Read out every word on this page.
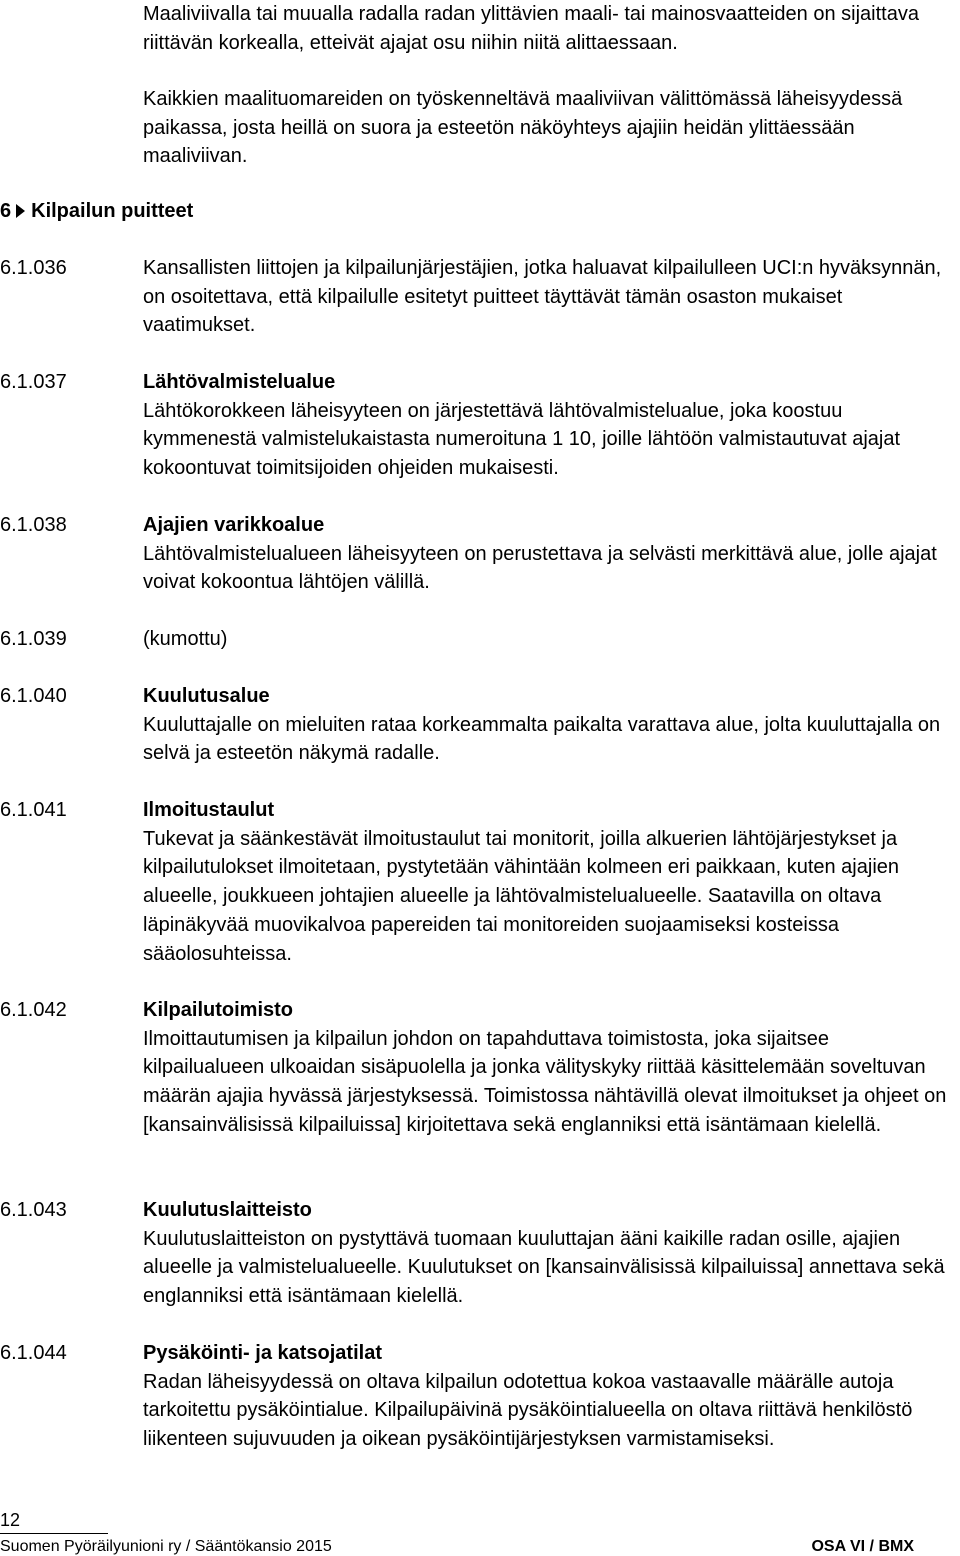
Maaliviivalla tai muualla radalla radan ylittävien maali- tai mainosvaatteiden on sijaittava riittävän korkealla, etteivät ajajat osu niihin niitä alittaessaan.

Kaikkien maalituomareiden on työskenneltävä maaliviivan välittömässä läheisyydessä paikassa, josta heillä on suora ja esteetön näköyhteys ajajiin heidän ylittäessään maaliviivan.

6 Kilpailun puitteet
6.1.036	Kansallisten liittojen ja kilpailunjärjestäjien, jotka haluavat kilpailulleen UCI:n hyväksynnän, on osoitettava, että kilpailulle esitetyt puitteet täyttävät tämän osaston mukaiset vaatimukset.

6.1.037	Lähtövalmistelualue

Lähtökorokkeen läheisyyteen on järjestettävä lähtövalmistelualue, joka koostuu kymmenestä valmistelukaistasta numeroituna 1 10, joille lähtöön valmistautuvat ajajat kokoontuvat toimitsijoiden ohjeiden mukaisesti.

6.1.038	Ajajien varikkoalue

Lähtövalmistelualueen läheisyyteen on perustettava ja selvästi merkittävä alue, jolle ajajat voivat kokoontua lähtöjen välillä.

6.1.039	(kumottu)

6.1.040	Kuulutusalue

Kuuluttajalle on mieluiten rataa korkeammalta paikalta varattava alue, jolta kuuluttajalla on selvä ja esteetön näkymä radalle.

6.1.041	Ilmoitustaulut

Tukevat ja säänkestävät ilmoitustaulut tai monitorit, joilla alkuerien lähtöjärjestykset ja kilpailutulokset ilmoitetaan, pystytetään vähintään kolmeen eri paikkaan, kuten ajajien alueelle, joukkueen johtajien alueelle ja lähtövalmistelualueelle. Saatavilla on oltava läpinäkyvää muovikalvoa papereiden tai monitoreiden suojaamiseksi kosteissa sääolosuhteissa.

6.1.042	Kilpailutoimisto

Ilmoittautumisen ja kilpailun johdon on tapahduttava toimistosta, joka sijaitsee kilpailualueen ulkoaidan sisäpuolella ja jonka välityskyky riittää käsittelemään soveltuvan määrän ajajia hyvässä järjestyksessä. Toimistossa nähtävillä olevat ilmoitukset ja ohjeet on [kansainvälisissä kilpailuissa] kirjoitettava sekä englanniksi että isäntämaan kielellä.

6.1.043	Kuulutuslaitteisto

Kuulutuslaitteiston on pystyttävä tuomaan kuuluttajan ääni kaikille radan osille, ajajien alueelle ja valmistelualueelle. Kuulutukset on [kansainvälisissä kilpailuissa] annettava sekä englanniksi että isäntämaan kielellä.

6.1.044	Pysäköinti- ja katsojatilat

Radan läheisyydessä on oltava kilpailun odotettua kokoa vastaavalle määrälle autoja tarkoitettu pysäköintialue. Kilpailupäivinä pysäköintialueella on oltava riittävä henkilöstö liikenteen sujuvuuden ja oikean pysäköintijärjestyksen varmistamiseksi.

12
Suomen Pyöräilyunioni ry / Sääntökansio 2015	OSA VI / BMX
